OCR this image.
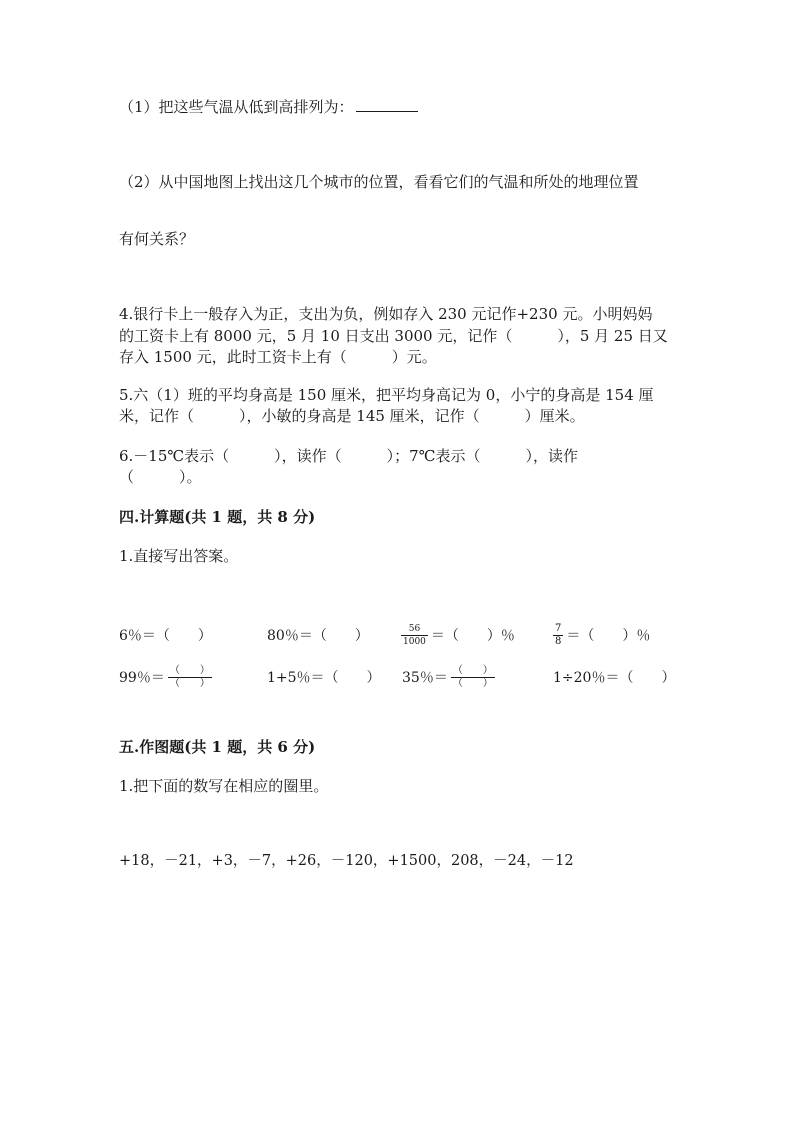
（1）把这些气温从低到高排列为：
（2）从中国地图上找出这几个城市的位置，看看它们的气温和所处的地理位置
有何关系？
4.银行卡上一般存入为正，支出为负，例如存入 230 元记作+230 元。小明妈妈
的工资卡上有 8000 元，5 月 10 日支出 3000 元，记作（　　　），5 月 25 日又
存入 1500 元，此时工资卡上有（　　　）元。
5.六（1）班的平均身高是 150 厘米，把平均身高记为 0，小宁的身高是 154 厘
米，记作（　　　），小敏的身高是 145 厘米，记作（　　　）厘米。
6.－15℃表示（　　　），读作（　　　）；7℃表示（　　　），读作
（　　　）。
四.计算题(共 1 题，共 8 分)
1.直接写出答案。
6％＝（　　）	80％＝（　　）	$\frac{56}{1000}$ ＝（　　）％	$\frac{7}{8}$ ＝（　　）％
99％＝ $\frac{( )}{( )}$	1+5％＝（　　） 35％＝ $\frac{( )}{( )}$	1÷20％＝（　　）
五.作图题(共 1 题，共 6 分)
1.把下面的数写在相应的圈里。
+18，－21，+3，－7，+26，－120，+1500，208，－24，－12
